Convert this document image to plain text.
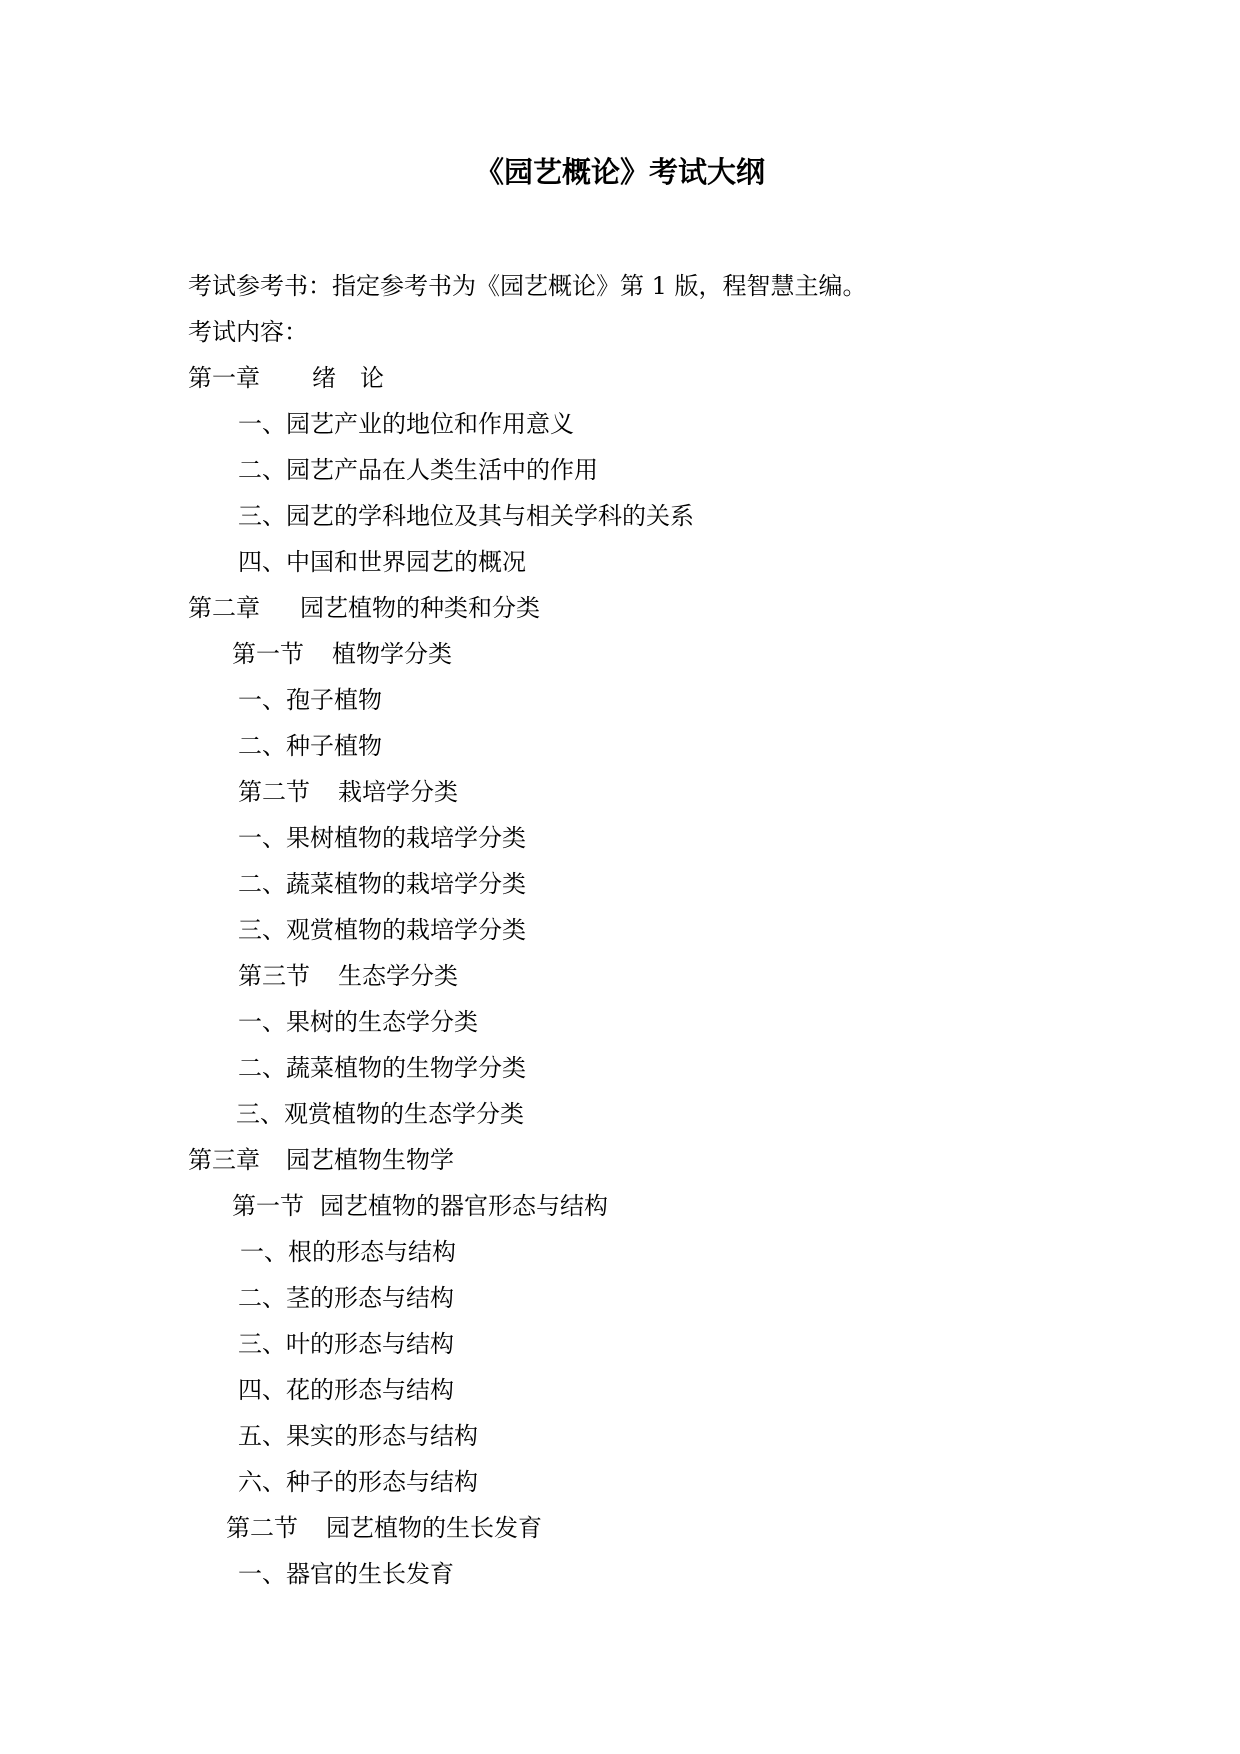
《园艺概论》考试大纲
考试参考书：指定参考书为《园艺概论》第 1 版，程智慧主编。
考试内容：
第一章 绪　论
一、园艺产业的地位和作用意义
二、园艺产品在人类生活中的作用
三、园艺的学科地位及其与相关学科的关系
四、中国和世界园艺的概况
第二章 园艺植物的种类和分类
第一节 植物学分类
一、孢子植物
二、种子植物
第二节 栽培学分类
一、果树植物的栽培学分类
二、蔬菜植物的栽培学分类
三、观赏植物的栽培学分类
第三节 生态学分类
一、果树的生态学分类
二、蔬菜植物的生物学分类
三、观赏植物的生态学分类
第三章 园艺植物生物学
第一节 园艺植物的器官形态与结构
一、根的形态与结构
二、茎的形态与结构
三、叶的形态与结构
四、花的形态与结构
五、果实的形态与结构
六、种子的形态与结构
第二节 园艺植物的生长发育
一、器官的生长发育
